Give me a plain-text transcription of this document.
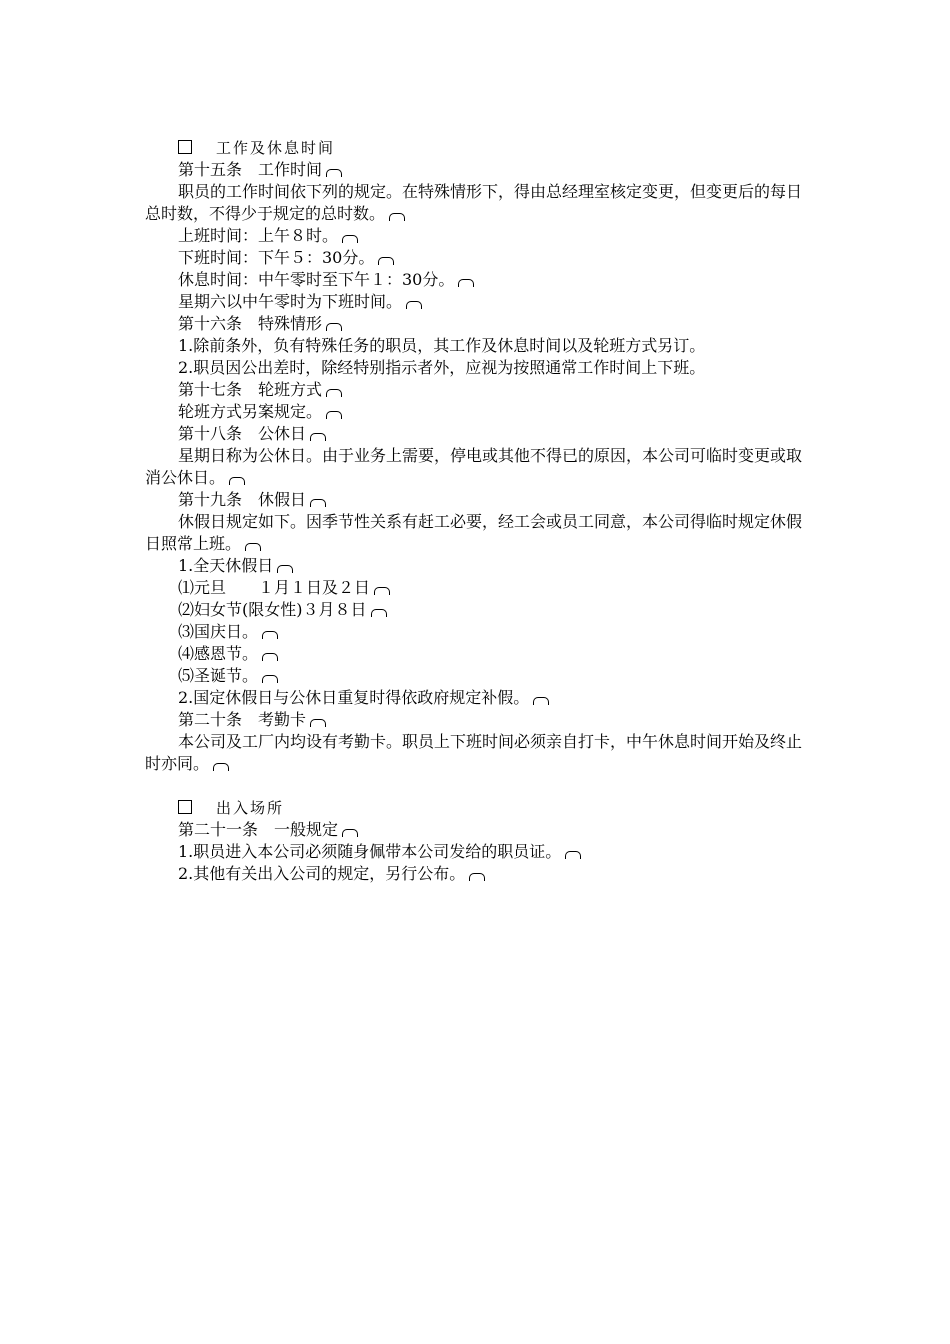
工作及休息时间
第十五条　工作时间
职员的工作时间依下列的规定。在特殊情形下，得由总经理室核定变更，但变更后的每日总时数，不得少于规定的总时数。
上班时间：上午８时。
下班时间：下午５：30分。
休息时间：中午零时至下午１：30分。
星期六以中午零时为下班时间。
第十六条　特殊情形
1.除前条外，负有特殊任务的职员，其工作及休息时间以及轮班方式另订。
2.职员因公出差时，除经特别指示者外，应视为按照通常工作时间上下班。
第十七条　轮班方式
轮班方式另案规定。
第十八条　公休日
星期日称为公休日。由于业务上需要，停电或其他不得已的原因，本公司可临时变更或取消公休日。
第十九条　休假日
休假日规定如下。因季节性关系有赶工必要，经工会或员工同意，本公司得临时规定休假日照常上班。
1.全天休假日
⑴元旦　　１月１日及２日
⑵妇女节(限女性)３月８日
⑶国庆日。
⑷感恩节。
⑸圣诞节。
2.国定休假日与公休日重复时得依政府规定补假。
第二十条　考勤卡
本公司及工厂内均设有考勤卡。职员上下班时间必须亲自打卡，中午休息时间开始及终止时亦同。
出入场所
第二十一条　一般规定
1.职员进入本公司必须随身佩带本公司发给的职员证。
2.其他有关出入公司的规定，另行公布。
